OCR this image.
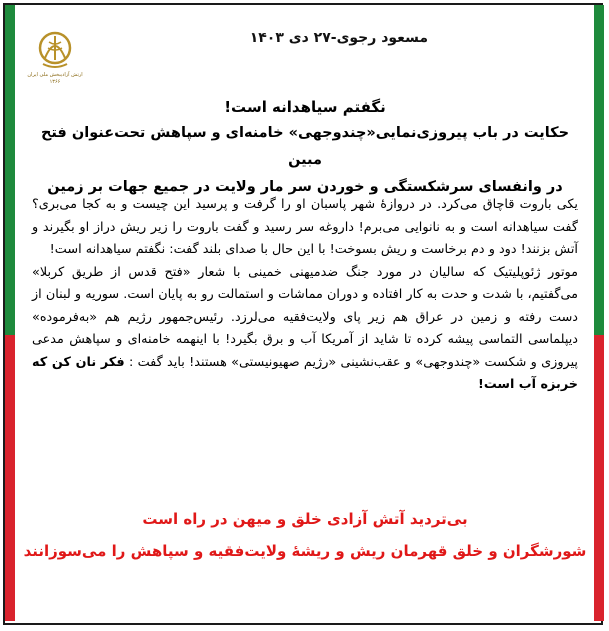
ارتش آزادیبخش ملی ایران
۱۳۶۶
مسعود رجوی-۲۷ دی ۱۴۰۳
نگفتم سیاهدانه است!
حکایت در باب پیروزی‌نمایی«چندوجهی» خامنه‌ای و سپاهش تحت‌عنوان فتح مبین
در وانفسای سرشکستگی و خوردن سر مار ولایت در جمیع جهات بر زمین

یکی باروت قاچاق می‌کرد. در دروازهٔ شهر پاسبان او را گرفت و پرسید این چیست و به کجا می‌بری؟ گفت سیاهدانه است و به نانوایی می‌برم! داروغه سر رسید و گفت باروت را زیر ریش دراز او بگیرند و آتش بزنند! دود و دم برخاست و ریش بسوخت! با این حال با صدای بلند گفت: نگفتم سیاهدانه است!

موتور ژئوپلیتیک که سالیان در مورد جنگ ضدمیهنی خمینی با شعار «فتح قدس از طریق کربلا» می‌گفتیم، با شدت و حدت به کار افتاده و دوران مماشات و استمالت رو به پایان است. سوریه و لبنان از دست رفته و زمین در عراق هم زیر پای ولایت‌فقیه می‌لرزد. رئیس‌جمهور رژیم هم «به‌فرموده» دیپلماسی التماسی پیشه کرده تا شاید از آمریکا آب و برق بگیرد! با اینهمه خامنه‌ای و سپاهش مدعی پیروزی و شکست «چندوجهی» و عقب‌نشینی «رژیم صهیونیستی» هستند! باید گفت : فکر نان کن که خربزه آب است!

بی‌تردید آتش آزادی خلق و میهن در راه است
شورشگران و خلق قهرمان ریش و ریشهٔ ولایت‌فقیه و سپاهش را می‌سوزانند
